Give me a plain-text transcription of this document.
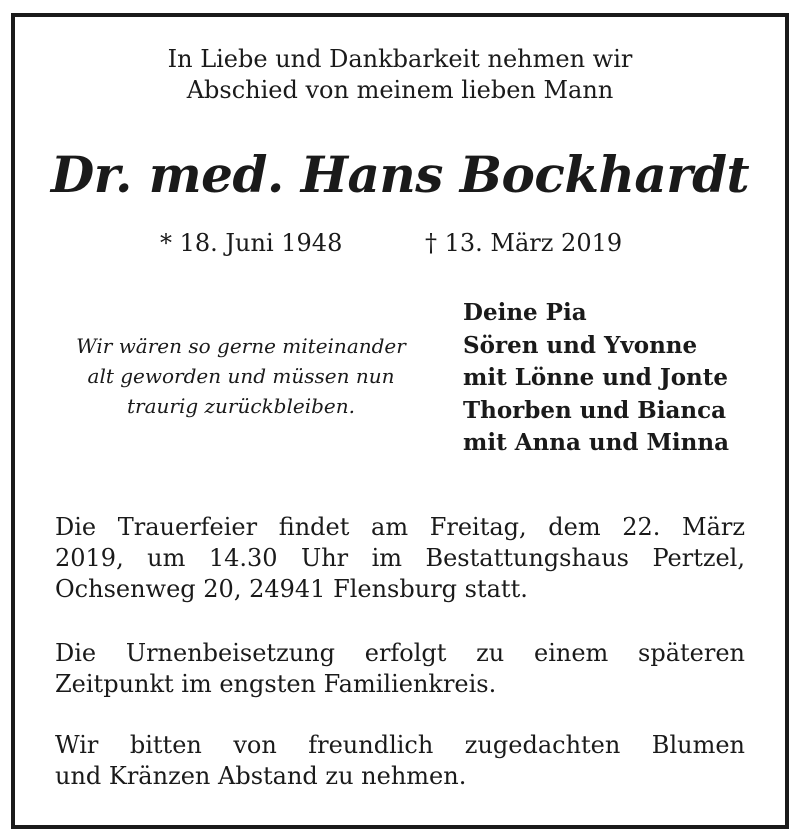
In Liebe und Dankbarkeit nehmen wir
Abschied von meinem lieben Mann
Dr. med. Hans Bockhardt
* 18. Juni 1948	† 13. März 2019
Wir wären so gerne miteinander
alt geworden und müssen nun
traurig zurückbleiben.
Deine Pia
Sören und Yvonne
mit Lönne und Jonte
Thorben und Bianca
mit Anna und Minna
Die Trauerfeier findet am Freitag, dem 22. März
2019, um 14.30 Uhr im Bestattungshaus Pertzel,
Ochsenweg 20, 24941 Flensburg statt.
Die Urnenbeisetzung erfolgt zu einem späteren
Zeitpunkt im engsten Familienkreis.
Wir bitten von freundlich zugedachten Blumen
und Kränzen Abstand zu nehmen.
